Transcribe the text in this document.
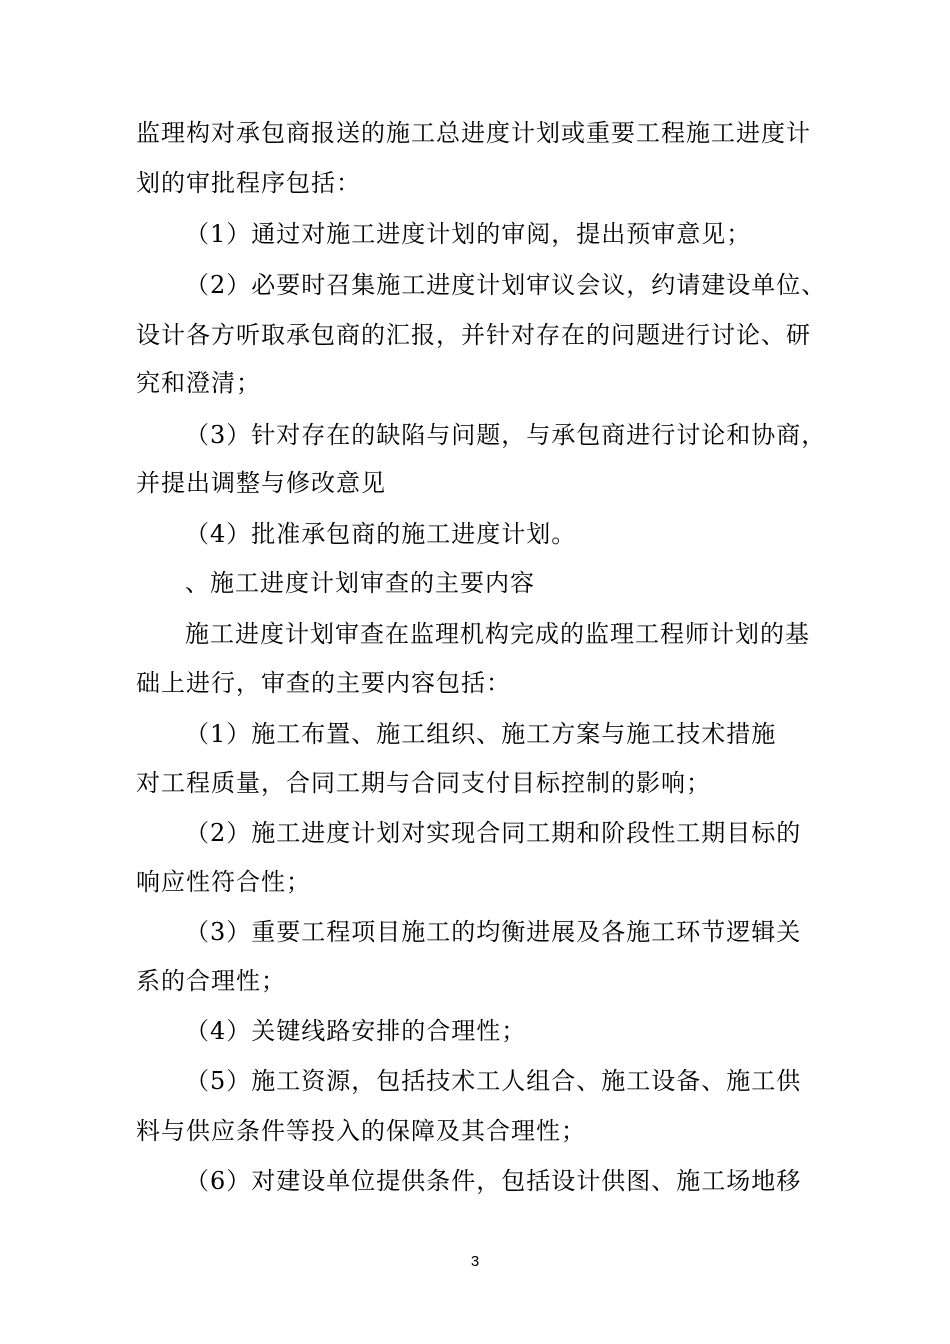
监理构对承包商报送的施工总进度计划或重要工程施工进度计
划的审批程序包括：
（1）通过对施工进度计划的审阅，提出预审意见；
（2）必要时召集施工进度计划审议会议，约请建设单位、
设计各方听取承包商的汇报，并针对存在的问题进行讨论、研
究和澄清；
（3）针对存在的缺陷与问题，与承包商进行讨论和协商，
并提出调整与修改意见
（4）批准承包商的施工进度计划。
、施工进度计划审查的主要内容
施工进度计划审查在监理机构完成的监理工程师计划的基
础上进行，审查的主要内容包括：
（1）施工布置、施工组织、施工方案与施工技术措施
对工程质量，合同工期与合同支付目标控制的影响；
（2）施工进度计划对实现合同工期和阶段性工期目标的
响应性符合性；
（3）重要工程项目施工的均衡进展及各施工环节逻辑关
系的合理性；
（4）关键线路安排的合理性；
（5）施工资源，包括技术工人组合、施工设备、施工供
料与供应条件等投入的保障及其合理性；
（6）对建设单位提供条件，包括设计供图、施工场地移
3
